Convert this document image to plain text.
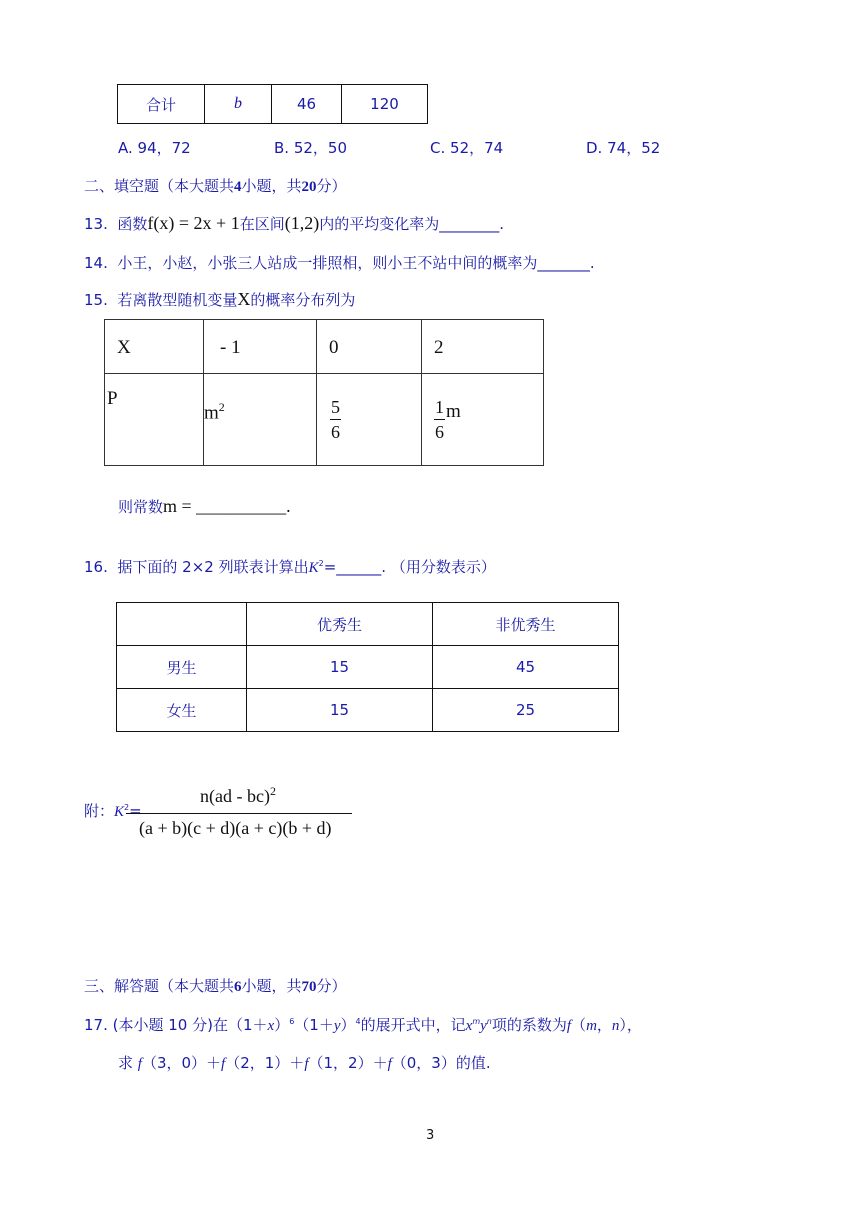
合计	b	46	120
A. 94，72	B. 52，50	C. 52，74	D. 74，52
二、填空题（本大题共4小题，共20分）
13. 函数f(x) = 2x + 1在区间(1,2)内的平均变化率为________.
14. 小王，小赵，小张三人站成一排照相，则小王不站中间的概率为_______.
15. 若离散型随机变量X的概率分布列为
X	- 1	0	2
P	$m^2$	$\frac{5}{6}$	$\frac{1}{6}$ m
则常数m = __________.
16. 据下面的 2×2 列联表计算出$K^2=\_\_\_\_\_\_$. （用分数表示）
	优秀生	非优秀生
男生	15	45
女生	15	25
附：$K^2=$
n(ad - bc)$^2$
(a + b)(c + d)(a + c)(b + d)
三、解答题（本大题共6小题，共70分）
17. (本小题 10 分)在$(1+x)^6(1+y)^4$的展开式中，记$x^my^n$项的系数为f（m，n），
求 f（3，0）＋f（2，1）＋f（1，2）＋f（0，3）的值.
3
